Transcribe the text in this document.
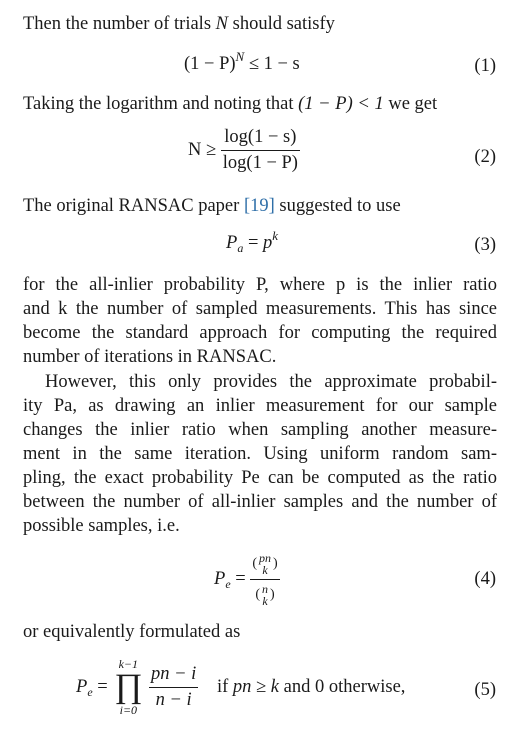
Then the number of trials N should satisfy
$(1 - P)^N \le 1 - s$	(1)
Taking the logarithm and noting that (1 − P) < 1 we get
$N \ge \frac{\log(1 - s)}{\log(1 - P)}$	(2)
The original RANSAC paper [19] suggested to use
$P_a = p^k$	(3)
for the all-inlier probability P, where p is the inlier ratio
and k the number of sampled measurements. This has since
become the standard approach for computing the required
number of iterations in RANSAC.
However, this only provides the approximate probabil-
ity Pa, as drawing an inlier measurement for our sample
changes the inlier ratio when sampling another measure-
ment in the same iteration. Using uniform random sam-
pling, the exact probability Pe can be computed as the ratio
between the number of all-inlier samples and the number of
possible samples, i.e.
$P_e$ = ( pn
k )
( n
k )	(4)
or equivalently formulated as
$P_e$ =
k−1
∏
i=0

$\frac{pn - i}{n - i}$ if pn ≥ k and 0 otherwise,	(5)
